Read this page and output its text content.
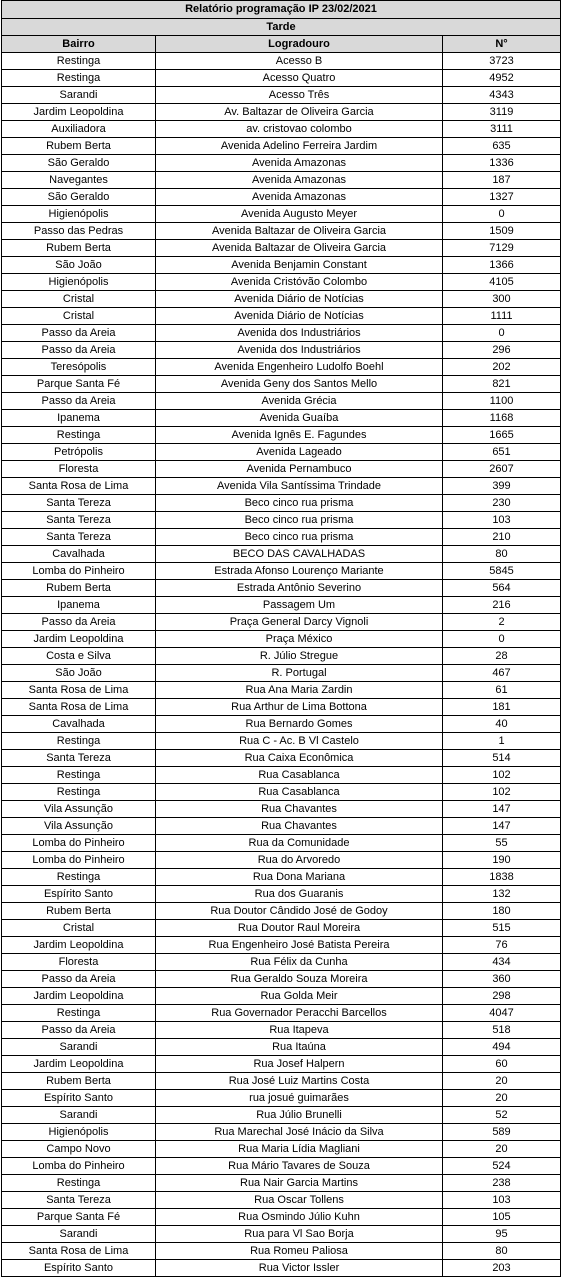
Relatório programação IP 23/02/2021		
Tarde		
Bairro	Logradouro	N°
Restinga	Acesso B	3723
Restinga	Acesso Quatro	4952
Sarandi	Acesso Três	4343
Jardim Leopoldina	Av. Baltazar de Oliveira Garcia	3119
Auxiliadora	av. cristovao colombo	3111
Rubem Berta	Avenida Adelino Ferreira Jardim	635
São Geraldo	Avenida Amazonas	1336
Navegantes	Avenida Amazonas	187
São Geraldo	Avenida Amazonas	1327
Higienópolis	Avenida Augusto Meyer	0
Passo das Pedras	Avenida Baltazar de Oliveira Garcia	1509
Rubem Berta	Avenida Baltazar de Oliveira Garcia	7129
São João	Avenida Benjamin Constant	1366
Higienópolis	Avenida Cristóvão Colombo	4105
Cristal	Avenida Diário de Notícias	300
Cristal	Avenida Diário de Notícias	1111
Passo da Areia	Avenida dos Industriários	0
Passo da Areia	Avenida dos Industriários	296
Teresópolis	Avenida Engenheiro Ludolfo Boehl	202
Parque Santa Fé	Avenida Geny dos Santos Mello	821
Passo da Areia	Avenida Grécia	1100
Ipanema	Avenida Guaíba	1168
Restinga	Avenida Ignês E. Fagundes	1665
Petrópolis	Avenida Lageado	651
Floresta	Avenida Pernambuco	2607
Santa Rosa de Lima	Avenida Vila Santíssima Trindade	399
Santa Tereza	Beco cinco rua prisma	230
Santa Tereza	Beco cinco rua prisma	103
Santa Tereza	Beco cinco rua prisma	210
Cavalhada	BECO DAS CAVALHADAS	80
Lomba do Pinheiro	Estrada Afonso Lourenço Mariante	5845
Rubem Berta	Estrada Antônio Severino	564
Ipanema	Passagem Um	216
Passo da Areia	Praça General Darcy Vignoli	2
Jardim Leopoldina	Praça México	0
Costa e Silva	R. Júlio Stregue	28
São João	R. Portugal	467
Santa Rosa de Lima	Rua Ana Maria Zardin	61
Santa Rosa de Lima	Rua Arthur de Lima Bottona	181
Cavalhada	Rua Bernardo Gomes	40
Restinga	Rua C - Ac. B Vl Castelo	1
Santa Tereza	Rua Caixa Econômica	514
Restinga	Rua Casablanca	102
Restinga	Rua Casablanca	102
Vila Assunção	Rua Chavantes	147
Vila Assunção	Rua Chavantes	147
Lomba do Pinheiro	Rua da Comunidade	55
Lomba do Pinheiro	Rua do Arvoredo	190
Restinga	Rua Dona Mariana	1838
Espírito Santo	Rua dos Guaranis	132
Rubem Berta	Rua Doutor Cândido José de Godoy	180
Cristal	Rua Doutor Raul Moreira	515
Jardim Leopoldina	Rua Engenheiro José Batista Pereira	76
Floresta	Rua Félix da Cunha	434
Passo da Areia	Rua Geraldo Souza Moreira	360
Jardim Leopoldina	Rua Golda Meir	298
Restinga	Rua Governador Peracchi Barcellos	4047
Passo da Areia	Rua Itapeva	518
Sarandi	Rua Itaúna	494
Jardim Leopoldina	Rua Josef Halpern	60
Rubem Berta	Rua José Luiz Martins Costa	20
Espírito Santo	rua josué guimarães	20
Sarandi	Rua Júlio Brunelli	52
Higienópolis	Rua Marechal José Inácio da Silva	589
Campo Novo	Rua Maria Lídia Magliani	20
Lomba do Pinheiro	Rua Mário Tavares de Souza	524
Restinga	Rua Nair Garcia Martins	238
Santa Tereza	Rua Oscar Tollens	103
Parque Santa Fé	Rua Osmindo Júlio Kuhn	105
Sarandi	Rua para Vl Sao Borja	95
Santa Rosa de Lima	Rua Romeu Paliosa	80
Espírito Santo	Rua Victor Issler	203
